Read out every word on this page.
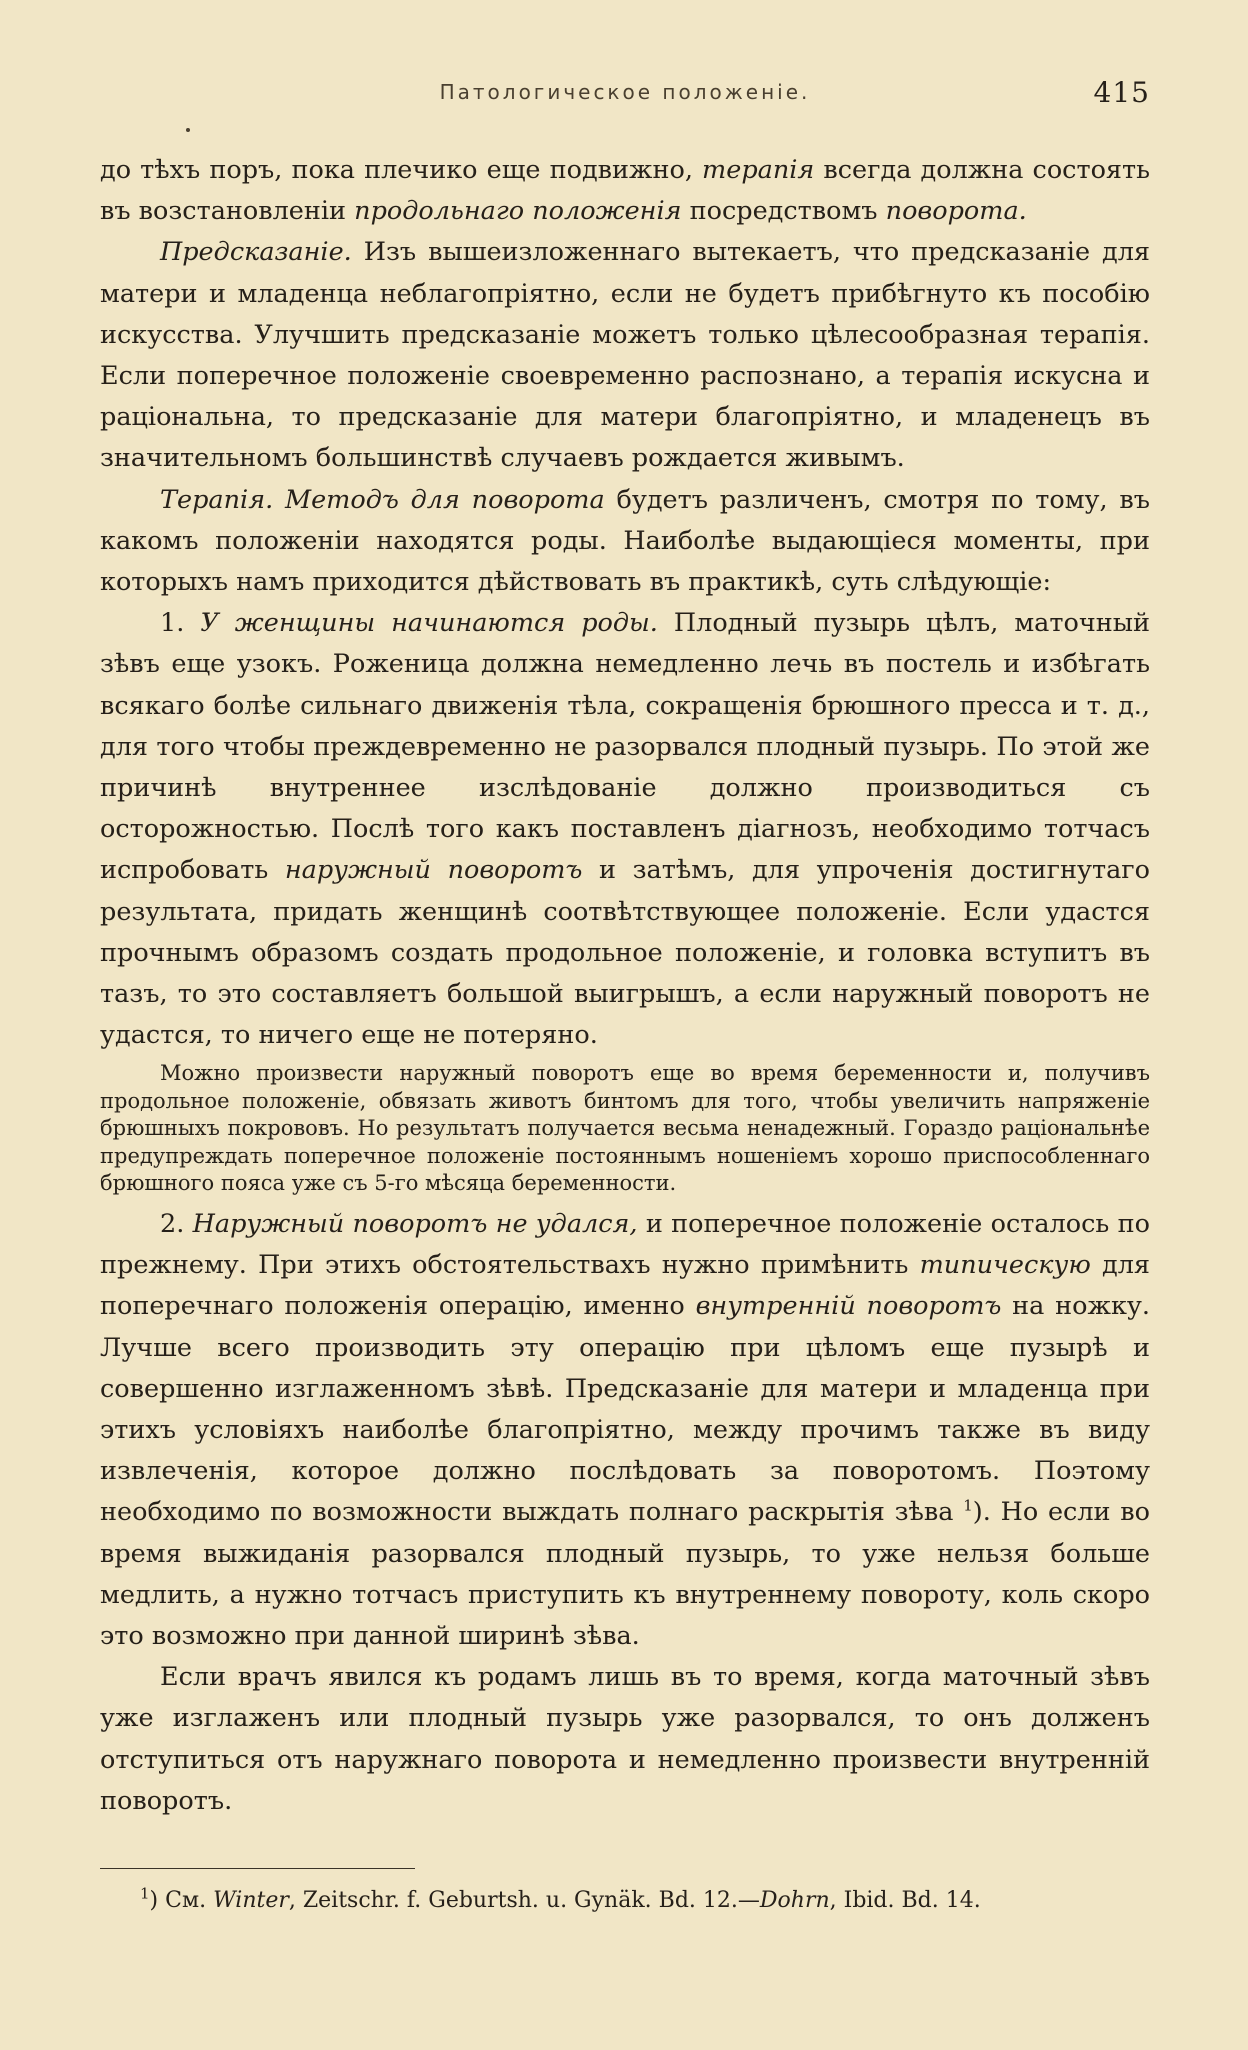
Патологическое положеніе.	415

до тѣхъ поръ, пока плечико еще подвижно, терапія всегда должна состоять въ возстановленіи продольнаго положенія посредствомъ поворота.

Предсказаніе. Изъ вышеизложеннаго вытекаетъ, что предсказаніе для матери и младенца неблагопріятно, если не будетъ прибѣгнуто къ пособію искусства. Улучшить предсказаніе можетъ только цѣлесообразная терапія. Если поперечное положеніе своевременно распознано, а терапія искусна и раціональна, то предсказаніе для матери благопріятно, и младенецъ въ значительномъ большинствѣ случаевъ рождается живымъ.

Терапія. Методъ для поворота будетъ различенъ, смотря по тому, въ какомъ положеніи находятся роды. Наиболѣе выдающіеся моменты, при которыхъ намъ приходится дѣйствовать въ практикѣ, суть слѣдующіе:

1. У женщины начинаются роды. Плодный пузырь цѣлъ, маточный зѣвъ еще узокъ. Роженица должна немедленно лечь въ постель и избѣгать всякаго болѣе сильнаго движенія тѣла, сокращенія брюшного пресса и т. д., для того чтобы преждевременно не разорвался плодный пузырь. По этой же причинѣ внутреннее изслѣдованіе должно производиться съ осторожностью. Послѣ того какъ поставленъ діагнозъ, необходимо тотчасъ испробовать наружный поворотъ и затѣмъ, для упроченія достигнутаго результата, придать женщинѣ соотвѣтствующее положеніе. Если удастся прочнымъ образомъ создать продольное положеніе, и головка вступитъ въ тазъ, то это составляетъ большой выигрышъ, а если наружный поворотъ не удастся, то ничего еще не потеряно.

Можно произвести наружный поворотъ еще во время беременности и, получивъ продольное положеніе, обвязать животъ бинтомъ для того, чтобы увеличить напряженіе брюшныхъ покрововъ. Но результатъ получается весьма ненадежный. Гораздо раціональнѣе предупреждать поперечное положеніе постояннымъ ношеніемъ хорошо приспособленнаго брюшного пояса уже съ 5-го мѣсяца беременности.

2. Наружный поворотъ не удался, и поперечное положеніе осталось по прежнему. При этихъ обстоятельствахъ нужно примѣнить типическую для поперечнаго положенія операцію, именно внутренній поворотъ на ножку. Лучше всего производить эту операцію при цѣломъ еще пузырѣ и совершенно изглаженномъ зѣвѣ. Предсказаніе для матери и младенца при этихъ условіяхъ наиболѣе благопріятно, между прочимъ также въ виду извлеченія, которое должно послѣдовать за поворотомъ. Поэтому необходимо по возможности выждать полнаго раскрытія зѣва $^1$). Но если во время выжиданія разорвался плодный пузырь, то уже нельзя больше медлить, а нужно тотчасъ приступить къ внутреннему повороту, коль скоро это возможно при данной ширинѣ зѣва.

Если врачъ явился къ родамъ лишь въ то время, когда маточный зѣвъ уже изглаженъ или плодный пузырь уже разорвался, то онъ долженъ отступиться отъ наружнаго поворота и немедленно произвести внутренній поворотъ.

$^1$) См. Winter, Zeitschr. f. Geburtsh. u. Gynäk. Bd. 12.—Dohrn, Ibid. Bd. 14.
